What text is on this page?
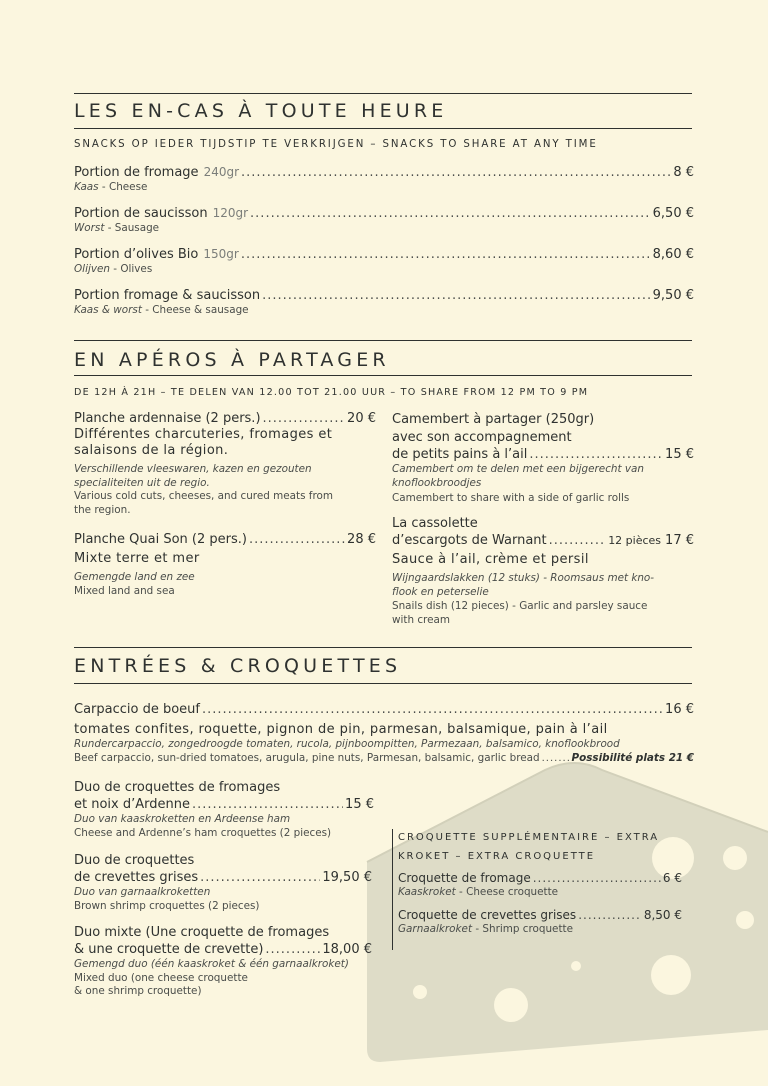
LES EN-CAS À TOUTE HEURE
SNACKS OP IEDER TIJDSTIP TE VERKRIJGEN – SNACKS TO SHARE AT ANY TIME
Portion de fromage 240gr .....	8 €
Kaas - Cheese
Portion de saucisson 120gr .....	6,50 €
Worst - Sausage
Portion d’olives Bio 150gr .....	8,60 €
Olijven - Olives
Portion fromage & saucisson .....	9,50 €
Kaas & worst - Cheese & sausage
EN APÉROS À PARTAGER
DE 12H À 21H – TE DELEN VAN 12.00 TOT 21.00 UUR – TO SHARE FROM 12 PM TO 9 PM
Planche ardennaise (2 pers.) .....	20 €
Différentes charcuteries, fromages et
salaisons de la région.
Verschillende vleeswaren, kazen en gezouten
specialiteiten uit de regio.
Various cold cuts, cheeses, and cured meats from
the region.
Planche Quai Son (2 pers.) .....	28 €
Mixte terre et mer
Gemengde land en zee
Mixed land and sea
Camembert à partager (250gr)
avec son accompagnement
de petits pains à l’ail .....	15 €
Camembert om te delen met een bijgerecht van
knoflookbroodjes
Camembert to share with a side of garlic rolls
La cassolette
d’escargots de Warnant .....	12 pièces 17 €
Sauce à l’ail, crème et persil
Wijngaardslakken (12 stuks) - Roomsaus met kno-
flook en peterselie
Snails dish (12 pieces) - Garlic and parsley sauce
with cream
ENTRÉES & CROQUETTES
Carpaccio de boeuf .....	16 €
tomates confites, roquette, pignon de pin, parmesan, balsamique, pain à l’ail
Rundercarpaccio, zongedroogde tomaten, rucola, pijnboompitten, Parmezaan, balsamico, knoflookbrood
Beef carpaccio, sun-dried tomatoes, arugula, pine nuts, Parmesan, balsamic, garlic bread .....	Possibilité plats 21 €
Duo de croquettes de fromages
et noix d’Ardenne .....	15 €
Duo van kaaskroketten en Ardeense ham
Cheese and Ardenne’s ham croquettes (2 pieces)
Duo de croquettes
de crevettes grises .....	19,50 €
Duo van garnaalkroketten
Brown shrimp croquettes (2 pieces)
Duo mixte (Une croquette de fromages
& une croquette de crevette) .....	18,00 €
Gemengd duo (één kaaskroket & één garnaalkroket)
Mixed duo (one cheese croquette
& one shrimp croquette)
CROQUETTE SUPPLÉMENTAIRE – EXTRA
KROKET – EXTRA CROQUETTE
Croquette de fromage .....	6 €
Kaaskroket - Cheese croquette
Croquette de crevettes grises .....	8,50 €
Garnaalkroket - Shrimp croquette
